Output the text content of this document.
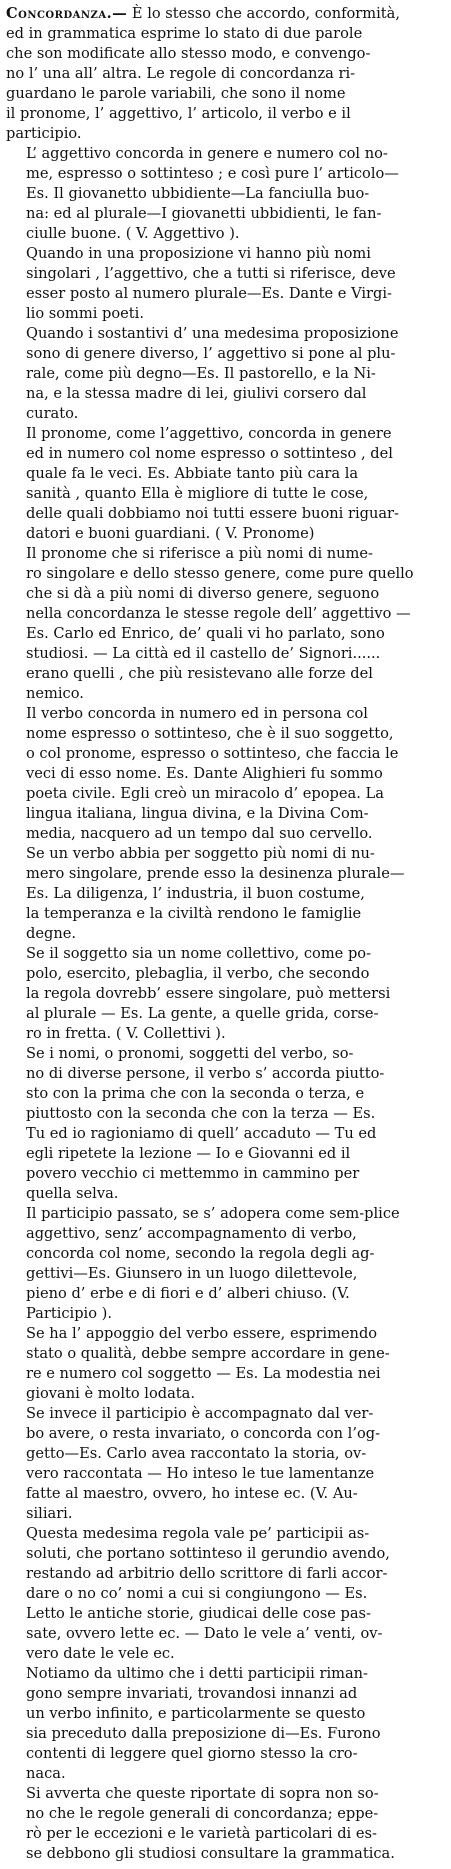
Concordanza.— È lo stesso che accordo, conformità,
ed in grammatica esprime lo stato di due parole
che son modificate allo stesso modo, e convengo-
no l’ una all’ altra. Le regole di concordanza ri-
guardano le parole variabili, che sono il nome
il pronome, l’ aggettivo, l’ articolo, il verbo e il
participio.

L’ aggettivo concorda in genere e numero col no-
me, espresso o sottinteso ; e così pure l’ articolo—
Es. Il giovanetto ubbidiente—La fanciulla buo-
na: ed al plurale—I giovanetti ubbidienti, le fan-
ciulle buone. ( V. Aggettivo ).

Quando in una proposizione vi hanno più nomi
singolari , l’aggettivo, che a tutti si riferisce, deve
esser posto al numero plurale—Es. Dante e Virgi-
lio sommi poeti.

Quando i sostantivi d’ una medesima proposizione
sono di genere diverso, l’ aggettivo si pone al plu-
rale, come più degno—Es. Il pastorello, e la Ni-
na, e la stessa madre di lei, giulivi corsero dal
curato.

Il pronome, come l’aggettivo, concorda in genere
ed in numero col nome espresso o sottinteso , del
quale fa le veci. Es. Abbiate tanto più cara la
sanità , quanto Ella è migliore di tutte le cose,
delle quali dobbiamo noi tutti essere buoni riguar-
datori e buoni guardiani. ( V. Pronome)

Il pronome che si riferisce a più nomi di nume-
ro singolare e dello stesso genere, come pure quello
che si dà a più nomi di diverso genere, seguono
nella concordanza le stesse regole dell’ aggettivo —
Es. Carlo ed Enrico, de’ quali vi ho parlato, sono
studiosi. — La città ed il castello de’ Signori......
erano quelli , che più resistevano alle forze del
nemico.

Il verbo concorda in numero ed in persona col
nome espresso o sottinteso, che è il suo soggetto,
o col pronome, espresso o sottinteso, che faccia le
veci di esso nome. Es. Dante Alighieri fu sommo
poeta civile. Egli creò un miracolo d’ epopea. La
lingua italiana, lingua divina, e la Divina Com-
media, nacquero ad un tempo dal suo cervello.

Se un verbo abbia per soggetto più nomi di nu-
mero singolare, prende esso la desinenza plurale—
Es. La diligenza, l’ industria, il buon costume,
la temperanza e la civiltà rendono le famiglie
degne.

Se il soggetto sia un nome collettivo, come po-
polo, esercito, plebaglia, il verbo, che secondo
la regola dovrebb’ essere singolare, può mettersi
al plurale — Es. La gente, a quelle grida, corse-
ro in fretta. ( V. Collettivi ).

Se i nomi, o pronomi, soggetti del verbo, so-
no di diverse persone, il verbo s’ accorda piutto-
sto con la prima che con la seconda o terza, e
piuttosto con la seconda che con la terza — Es.
Tu ed io ragioniamo di quell’ accaduto — Tu ed
egli ripetete la lezione — Io e Giovanni ed il
povero vecchio ci mettemmo in cammino per
quella selva.

Il participio passato, se s’ adopera come sem-plice
aggettivo, senz’ accompagnamento di verbo,
concorda col nome, secondo la regola degli ag-
gettivi—Es. Giunsero in un luogo dilettevole,
pieno d’ erbe e di fiori e d’ alberi chiuso. (V.
Participio ).

Se ha l’ appoggio del verbo essere, esprimendo
stato o qualità, debbe sempre accordare in gene-
re e numero col soggetto — Es. La modestia nei
giovani è molto lodata.

Se invece il participio è accompagnato dal ver-
bo avere, o resta invariato, o concorda con l’og-
getto—Es. Carlo avea raccontato la storia, ov-
vero raccontata — Ho inteso le tue lamentanze
fatte al maestro, ovvero, ho intese ec. (V. Au-
siliari.

Questa medesima regola vale pe’ participii as-
soluti, che portano sottinteso il gerundio avendo,
restando ad arbitrio dello scrittore di farli accor-
dare o no co’ nomi a cui si congiungono — Es.
Letto le antiche storie, giudicai delle cose pas-
sate, ovvero lette ec. — Dato le vele a’ venti, ov-
vero date le vele ec.

Notiamo da ultimo che i detti participii riman-
gono sempre invariati, trovandosi innanzi ad
un verbo infinito, e particolarmente se questo
sia preceduto dalla preposizione di—Es. Furono
contenti di leggere quel giorno stesso la cro-
naca.

Si avverta che queste riportate di sopra non so-
no che le regole generali di concordanza; eppe-
rò per le eccezioni e le varietà particolari di es-
se debbono gli studiosi consultare la grammatica.
